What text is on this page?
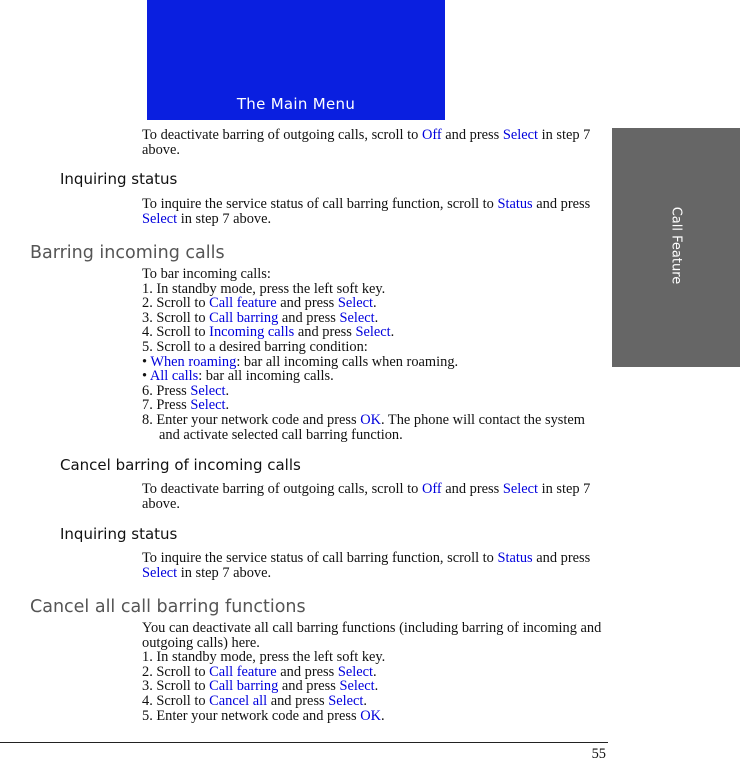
The Main Menu
Call Feature

To deactivate barring of outgoing calls, scroll to Off and press Select in step 7 above.

Inquiring status

To inquire the service status of call barring function, scroll to Status and press Select in step 7 above.

Barring incoming calls
To bar incoming calls:
1. In standby mode, press the left soft key.
2. Scroll to Call feature and press Select.
3. Scroll to Call barring and press Select.
4. Scroll to Incoming calls and press Select.
5. Scroll to a desired barring condition:
• When roaming: bar all incoming calls when roaming.
• All calls: bar all incoming calls.
6. Press Select.
7. Press Select.
8. Enter your network code and press OK. The phone will contact the system and activate selected call barring function.
Cancel barring of incoming calls

To deactivate barring of outgoing calls, scroll to Off and press Select in step 7 above.

Inquiring status

To inquire the service status of call barring function, scroll to Status and press Select in step 7 above.

Cancel all call barring functions
You can deactivate all call barring functions (including barring of incoming and outgoing calls) here.
1. In standby mode, press the left soft key.
2. Scroll to Call feature and press Select.
3. Scroll to Call barring and press Select.
4. Scroll to Cancel all and press Select.
5. Enter your network code and press OK.
55
